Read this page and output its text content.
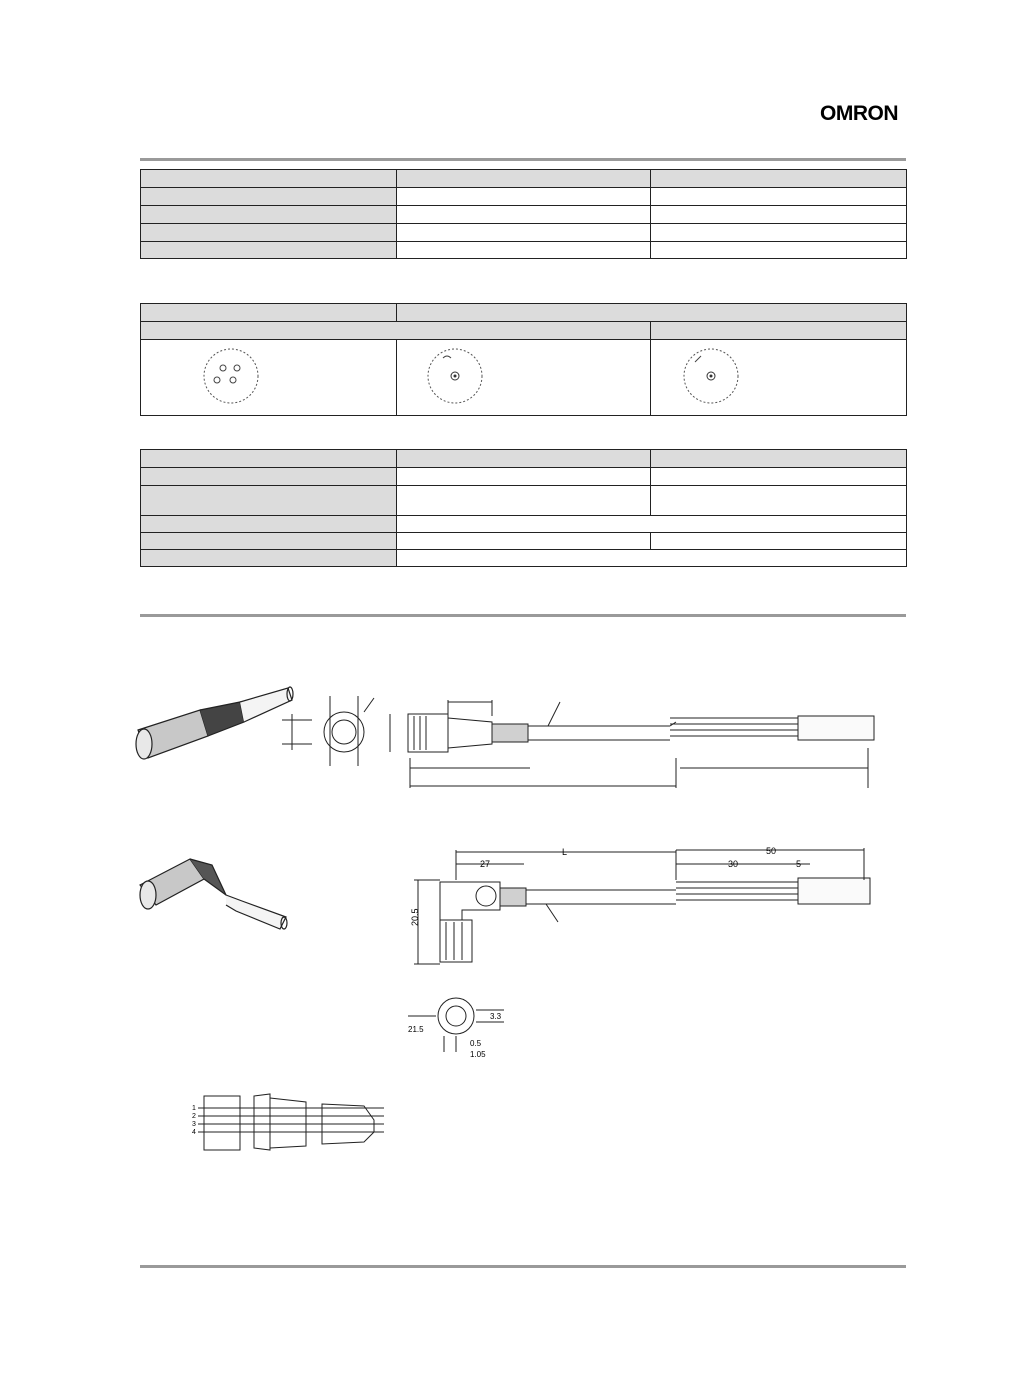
OMRON

L
27
50
30	5
20.5
3.3
21.5
0.5
1.05
1
2
3
4
